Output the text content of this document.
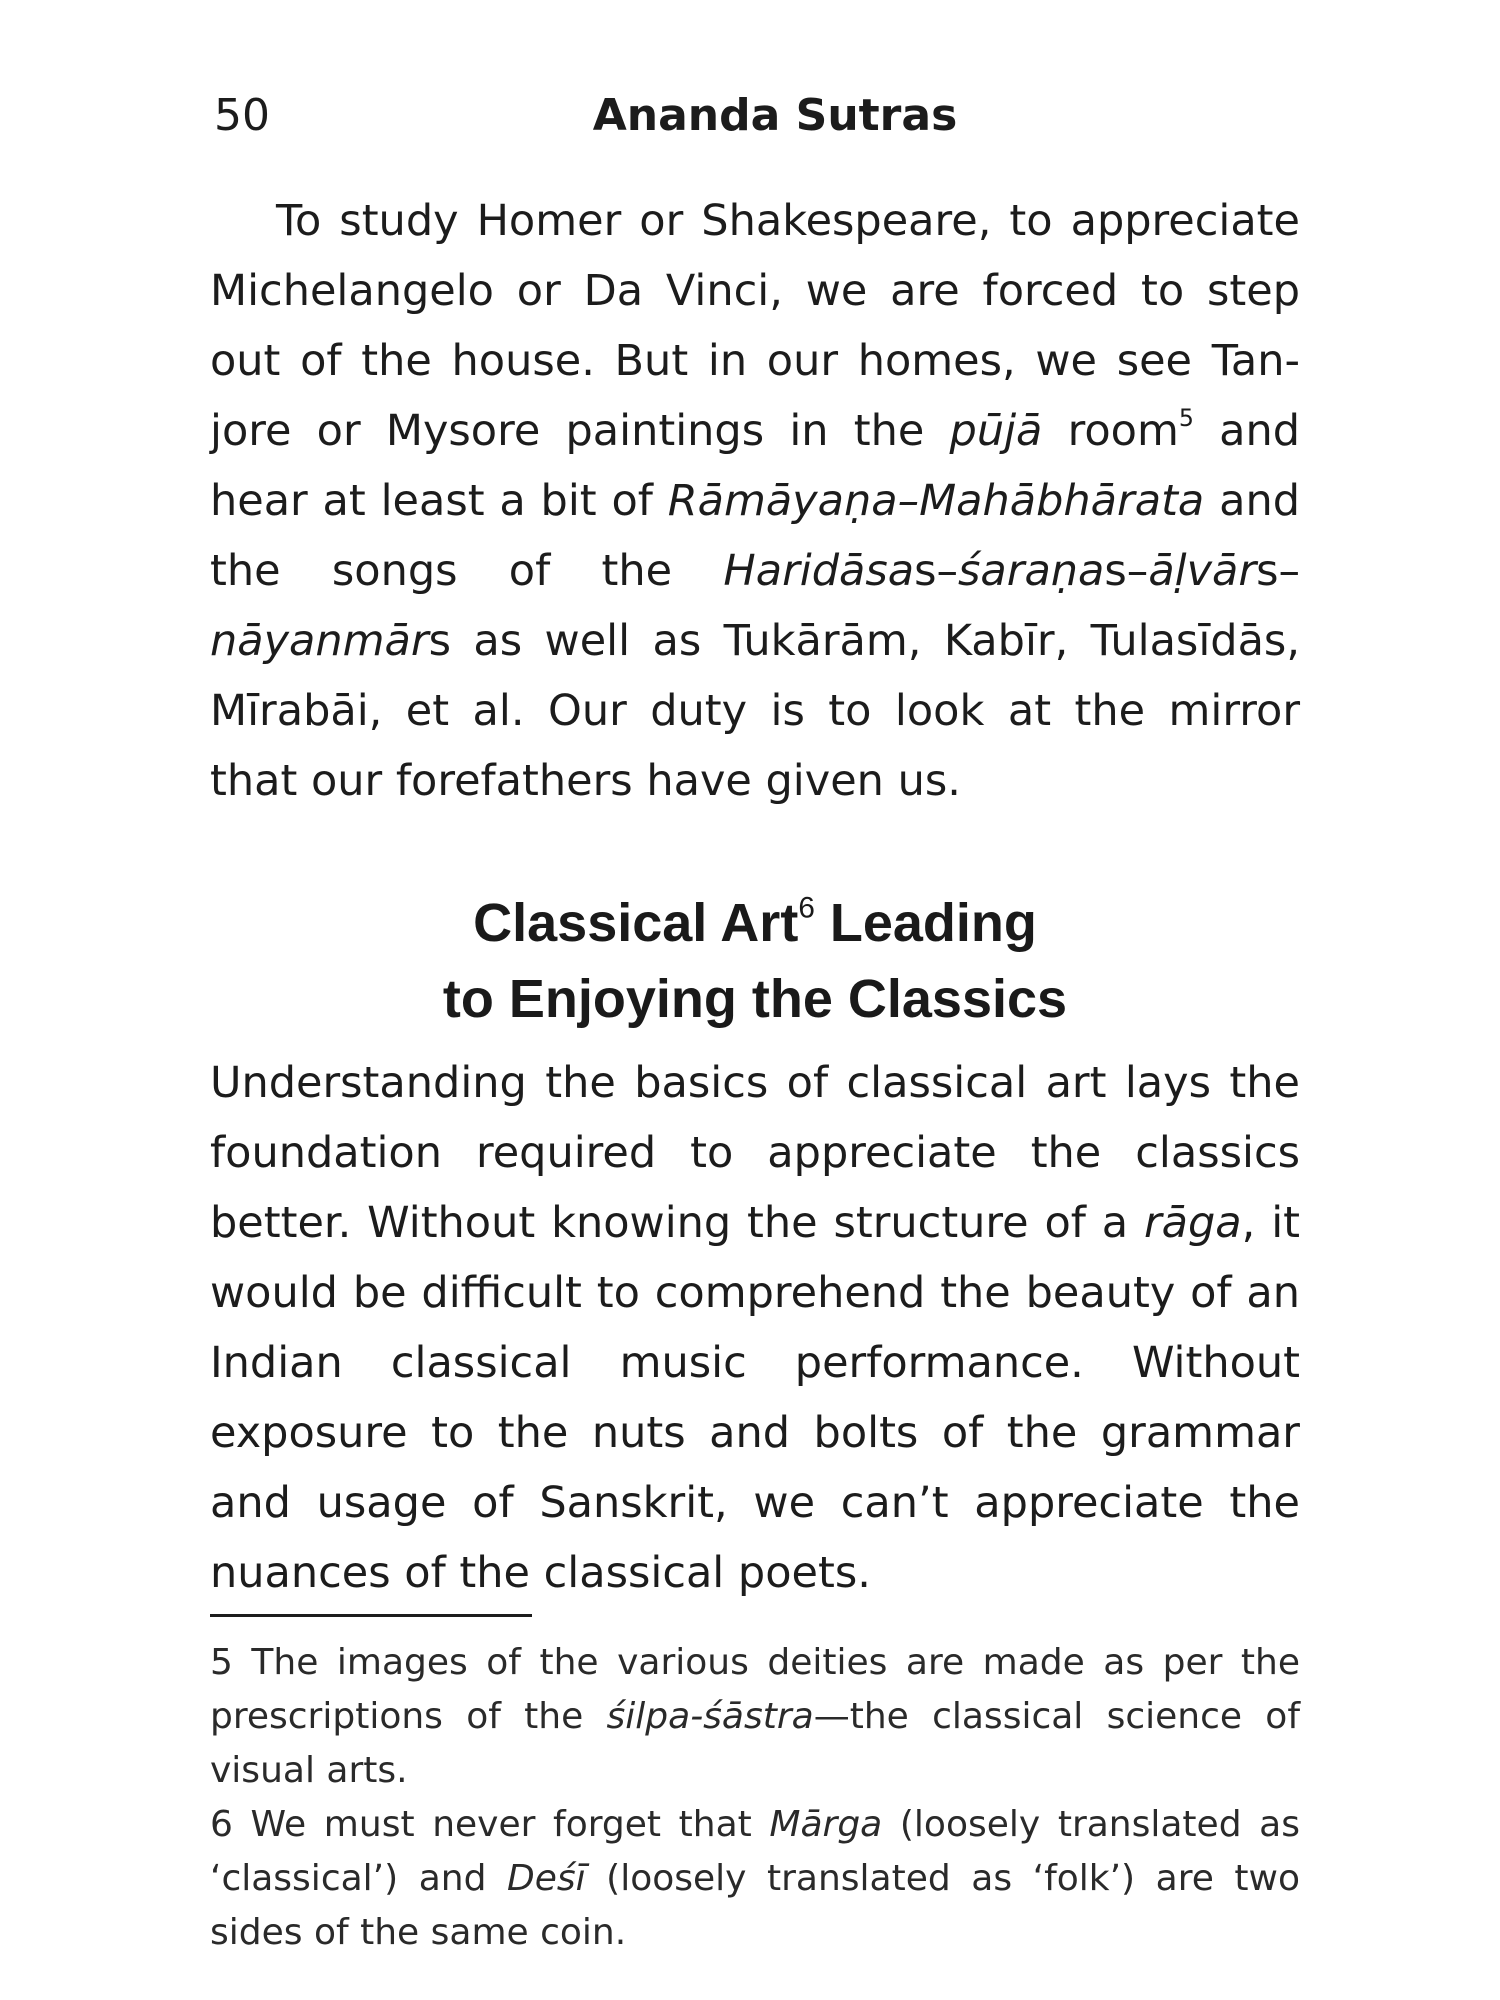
50	Ananda Sutras

To study Homer or Shakespeare, to appreciate Michelangelo or Da Vinci, we are forced to step out of the house. But in our homes, we see Tanjore or Mysore paintings in the pūjā room$^5$ and hear at least a bit of Rāmāyaṇa–Mahābhārata and the songs of the Haridāsas–śaraṇas–āḷvārs–nāyanmārs as well as Tukārām, Kabīr, Tulasīdās, Mīrabāi, et al. Our duty is to look at the mirror that our forefathers have given us.

Classical Art$^6$ Leading
to Enjoying the Classics

Understanding the basics of classical art lays the foundation required to appreciate the classics better. Without knowing the structure of a rāga, it would be difficult to comprehend the beauty of an Indian classical music performance. Without exposure to the nuts and bolts of the grammar and usage of Sanskrit, we can’t appreciate the nuances of the classical poets.

5 The images of the various deities are made as per the prescriptions of the śilpa-śāstra—the classical science of visual arts.

6 We must never forget that Mārga (loosely translated as ‘classical’) and Deśī (loosely translated as ‘folk’) are two sides of the same coin.
